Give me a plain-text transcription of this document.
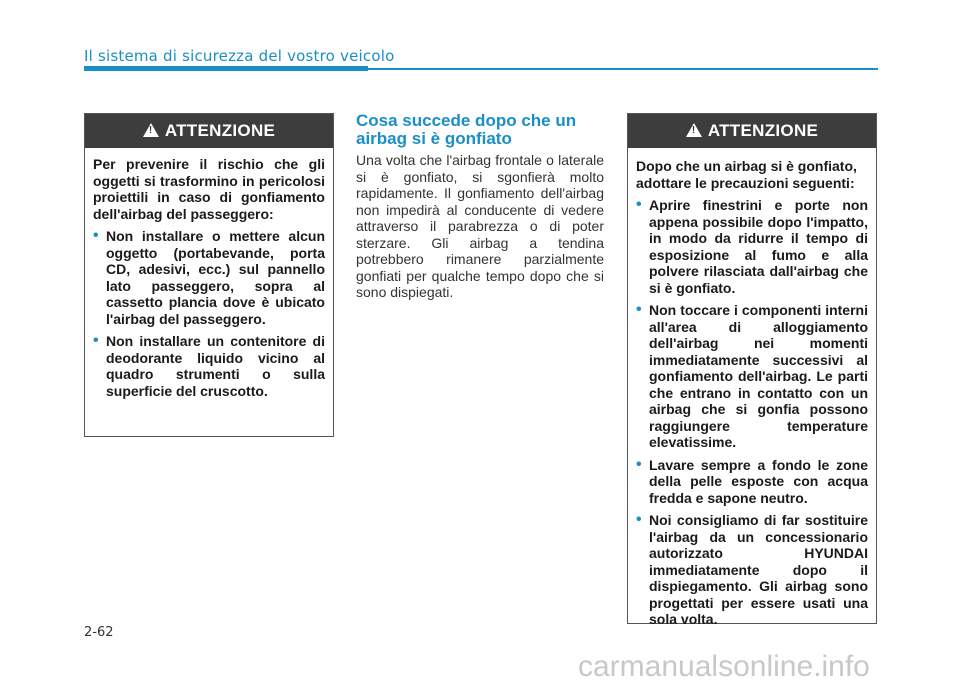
Il sistema di sicurezza del vostro veicolo
! ATTENZIONE

Per prevenire il rischio che gli oggetti si trasformino in pericolosi proiettili in caso di gonfiamento dell'airbag del passeggero:

• Non installare o mettere alcun oggetto (portabevande, porta CD, adesivi, ecc.) sul pannello lato passeggero, sopra al cassetto plancia dove è ubicato l'airbag del passeggero.
• Non installare un contenitore di deodorante liquido vicino al quadro strumenti o sulla superficie del cruscotto.
Cosa succede dopo che un airbag si è gonfiato
Una volta che l'airbag frontale o laterale si è gonfiato, si sgonfierà molto rapidamente. Il gonfiamento dell'airbag non impedirà al conducente di vedere attraverso il parabrezza o di poter sterzare. Gli airbag a tendina potrebbero rimanere parzialmente gonfiati per qualche tempo dopo che si sono dispiegati.
! ATTENZIONE

Dopo che un airbag si è gonfiato, adottare le precauzioni seguenti:

• Aprire finestrini e porte non appena possibile dopo l'impatto, in modo da ridurre il tempo di esposizione al fumo e alla polvere rilasciata dall'airbag che si è gonfiato.
• Non toccare i componenti interni all'area di alloggiamento dell'airbag nei momenti immediatamente successivi al gonfiamento dell'airbag. Le parti che entrano in contatto con un airbag che si gonfia possono raggiungere temperature elevatissime.
• Lavare sempre a fondo le zone della pelle esposte con acqua fredda e sapone neutro.
• Noi consigliamo di far sostituire l'airbag da un concessionario autorizzato HYUNDAI immediatamente dopo il dispiegamento. Gli airbag sono progettati per essere usati una sola volta.
2-62
carmanualsonline.info
